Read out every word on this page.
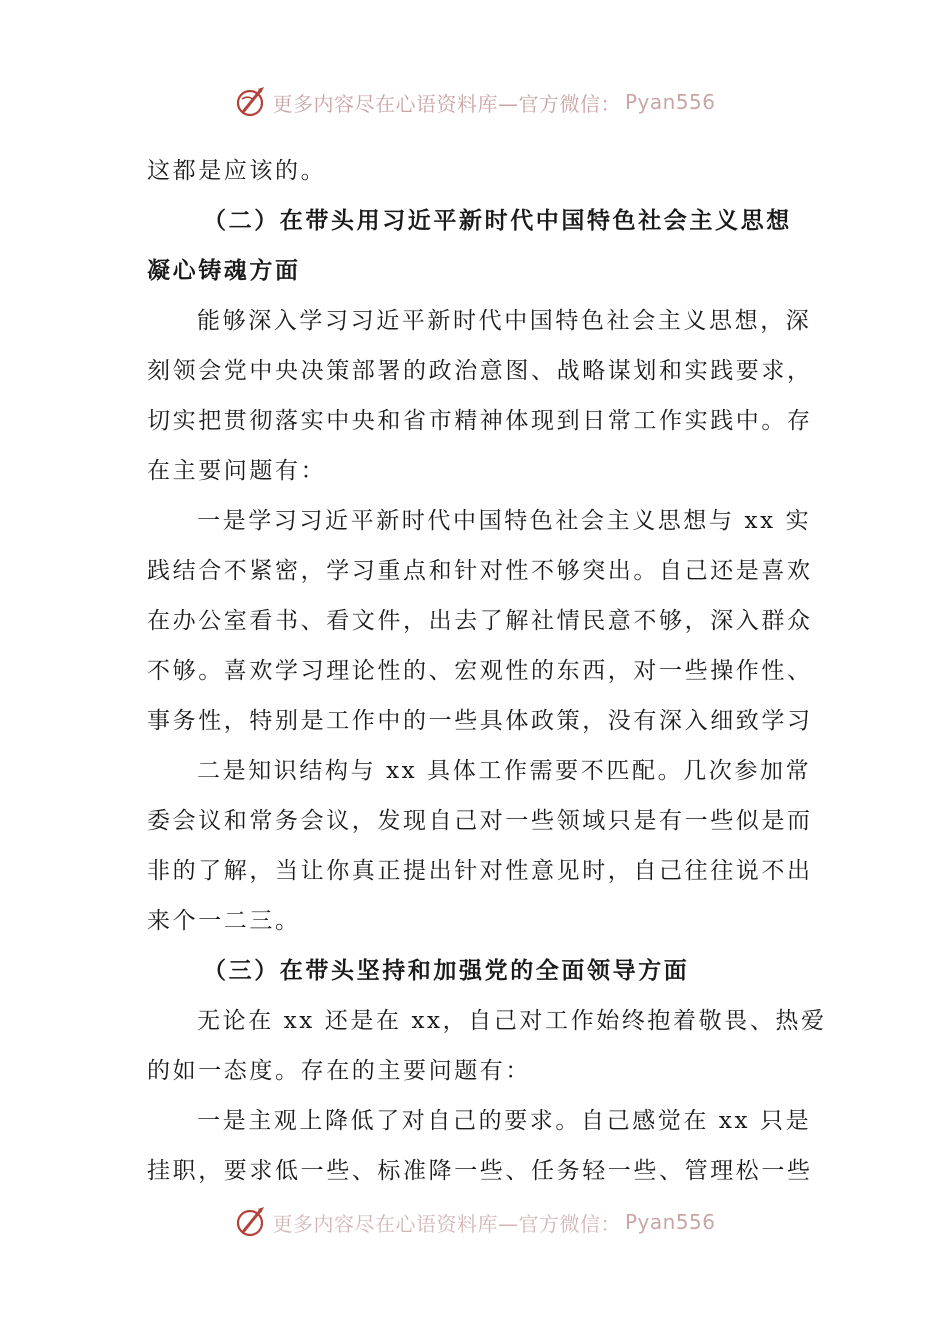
更多内容尽在心语资料库—官方微信： Pyan556
这都是应该的。
（二）在带头用习近平新时代中国特色社会主义思想
凝心铸魂方面
能够深入学习习近平新时代中国特色社会主义思想，深
刻领会党中央决策部署的政治意图、战略谋划和实践要求，
切实把贯彻落实中央和省市精神体现到日常工作实践中。存
在主要问题有：
一是学习习近平新时代中国特色社会主义思想与 xx 实
践结合不紧密，学习重点和针对性不够突出。自己还是喜欢
在办公室看书、看文件，出去了解社情民意不够，深入群众
不够。喜欢学习理论性的、宏观性的东西，对一些操作性、
事务性，特别是工作中的一些具体政策，没有深入细致学习
二是知识结构与 xx 具体工作需要不匹配。几次参加常
委会议和常务会议，发现自己对一些领域只是有一些似是而
非的了解，当让你真正提出针对性意见时，自己往往说不出
来个一二三。
（三）在带头坚持和加强党的全面领导方面
无论在 xx 还是在 xx，自己对工作始终抱着敬畏、热爱
的如一态度。存在的主要问题有：
一是主观上降低了对自己的要求。自己感觉在 xx 只是
挂职，要求低一些、标准降一些、任务轻一些、管理松一些
更多内容尽在心语资料库—官方微信： Pyan556
